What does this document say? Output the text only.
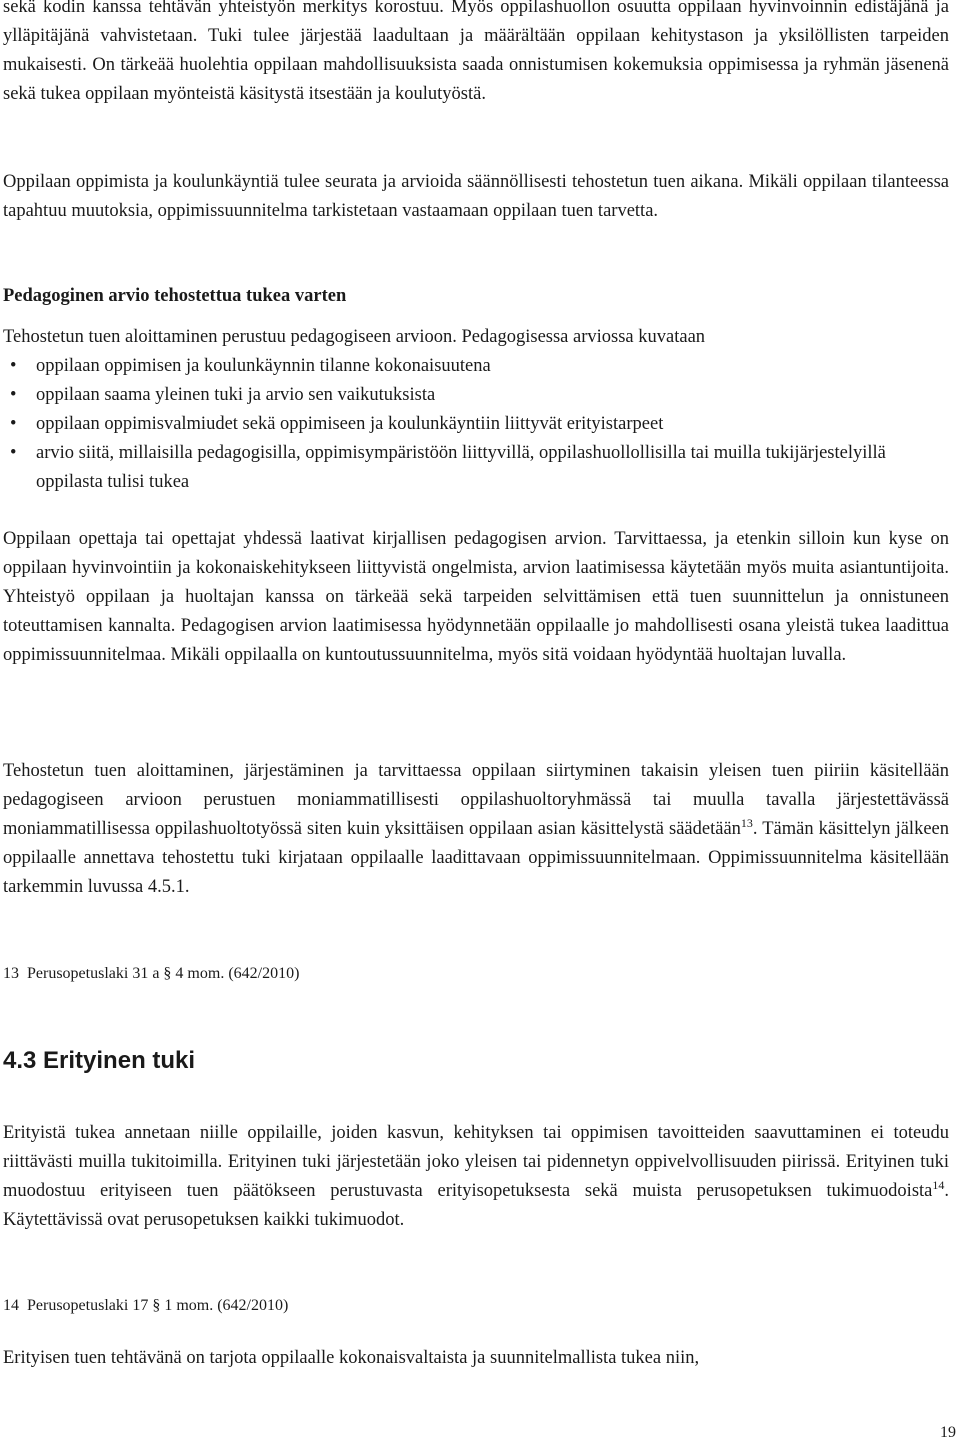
sekä kodin kanssa tehtävän yhteistyön merkitys korostuu. Myös oppilashuollon osuutta oppilaan hyvinvoinnin edistäjänä ja ylläpitäjänä vahvistetaan. Tuki tulee järjestää laadultaan ja määrältään oppilaan kehitystason ja yksilöllisten tarpeiden mukaisesti. On tärkeää huolehtia oppilaan mahdollisuuksista saada onnistumisen kokemuksia oppimisessa ja ryhmän jäsenenä sekä tukea oppilaan myönteistä käsitystä itsestään ja koulutyöstä.

Oppilaan oppimista ja koulunkäyntiä tulee seurata ja arvioida säännöllisesti tehostetun tuen aikana. Mikäli oppilaan tilanteessa tapahtuu muutoksia, oppimissuunnitelma tarkistetaan vastaamaan oppilaan tuen tarvetta.

Pedagoginen arvio tehostettua tukea varten
Tehostetun tuen aloittaminen perustuu pedagogiseen arvioon. Pedagogisessa arviossa kuvataan
• oppilaan oppimisen ja koulunkäynnin tilanne kokonaisuutena
• oppilaan saama yleinen tuki ja arvio sen vaikutuksista
• oppilaan oppimisvalmiudet sekä oppimiseen ja koulunkäyntiin liittyvät erityistarpeet
• arvio siitä, millaisilla pedagogisilla, oppimisympäristöön liittyvillä, oppilashuollollisilla tai muilla tukijärjestelyillä oppilasta tulisi tukea

Oppilaan opettaja tai opettajat yhdessä laativat kirjallisen pedagogisen arvion. Tarvittaessa, ja etenkin silloin kun kyse on oppilaan hyvinvointiin ja kokonaiskehitykseen liittyvistä ongelmista, arvion laatimisessa käytetään myös muita asiantuntijoita. Yhteistyö oppilaan ja huoltajan kanssa on tärkeää sekä tarpeiden selvittämisen että tuen suunnittelun ja onnistuneen toteuttamisen kannalta. Pedagogisen arvion laatimisessa hyödynnetään oppilaalle jo mahdollisesti osana yleistä tukea laadittua oppimissuunnitelmaa. Mikäli oppilaalla on kuntoutussuunnitelma, myös sitä voidaan hyödyntää huoltajan luvalla.

Tehostetun tuen aloittaminen, järjestäminen ja tarvittaessa oppilaan siirtyminen takaisin yleisen tuen piiriin käsitellään pedagogiseen arvioon perustuen moniammatillisesti oppilashuoltoryhmässä tai muulla tavalla järjestettävässä moniammatillisessa oppilashuoltotyössä siten kuin yksittäisen oppilaan asian käsittelystä säädetään$^{13}$. Tämän käsittelyn jälkeen oppilaalle annettava tehostettu tuki kirjataan oppilaalle laadittavaan oppimissuunnitelmaan. Oppimissuunnitelma käsitellään tarkemmin luvussa 4.5.1.

13 Perusopetuslaki 31 a § 4 mom. (642/2010)
4.3 Erityinen tuki

Erityistä tukea annetaan niille oppilaille, joiden kasvun, kehityksen tai oppimisen tavoitteiden saavuttaminen ei toteudu riittävästi muilla tukitoimilla. Erityinen tuki järjestetään joko yleisen tai pidennetyn oppivelvollisuuden piirissä. Erityinen tuki muodostuu erityiseen tuen päätökseen perustuvasta erityisopetuksesta sekä muista perusopetuksen tukimuodoista$^{14}$. Käytettävissä ovat perusopetuksen kaikki tukimuodot.

14 Perusopetuslaki 17 § 1 mom. (642/2010)

Erityisen tuen tehtävänä on tarjota oppilaalle kokonaisvaltaista ja suunnitelmallista tukea niin,

19
